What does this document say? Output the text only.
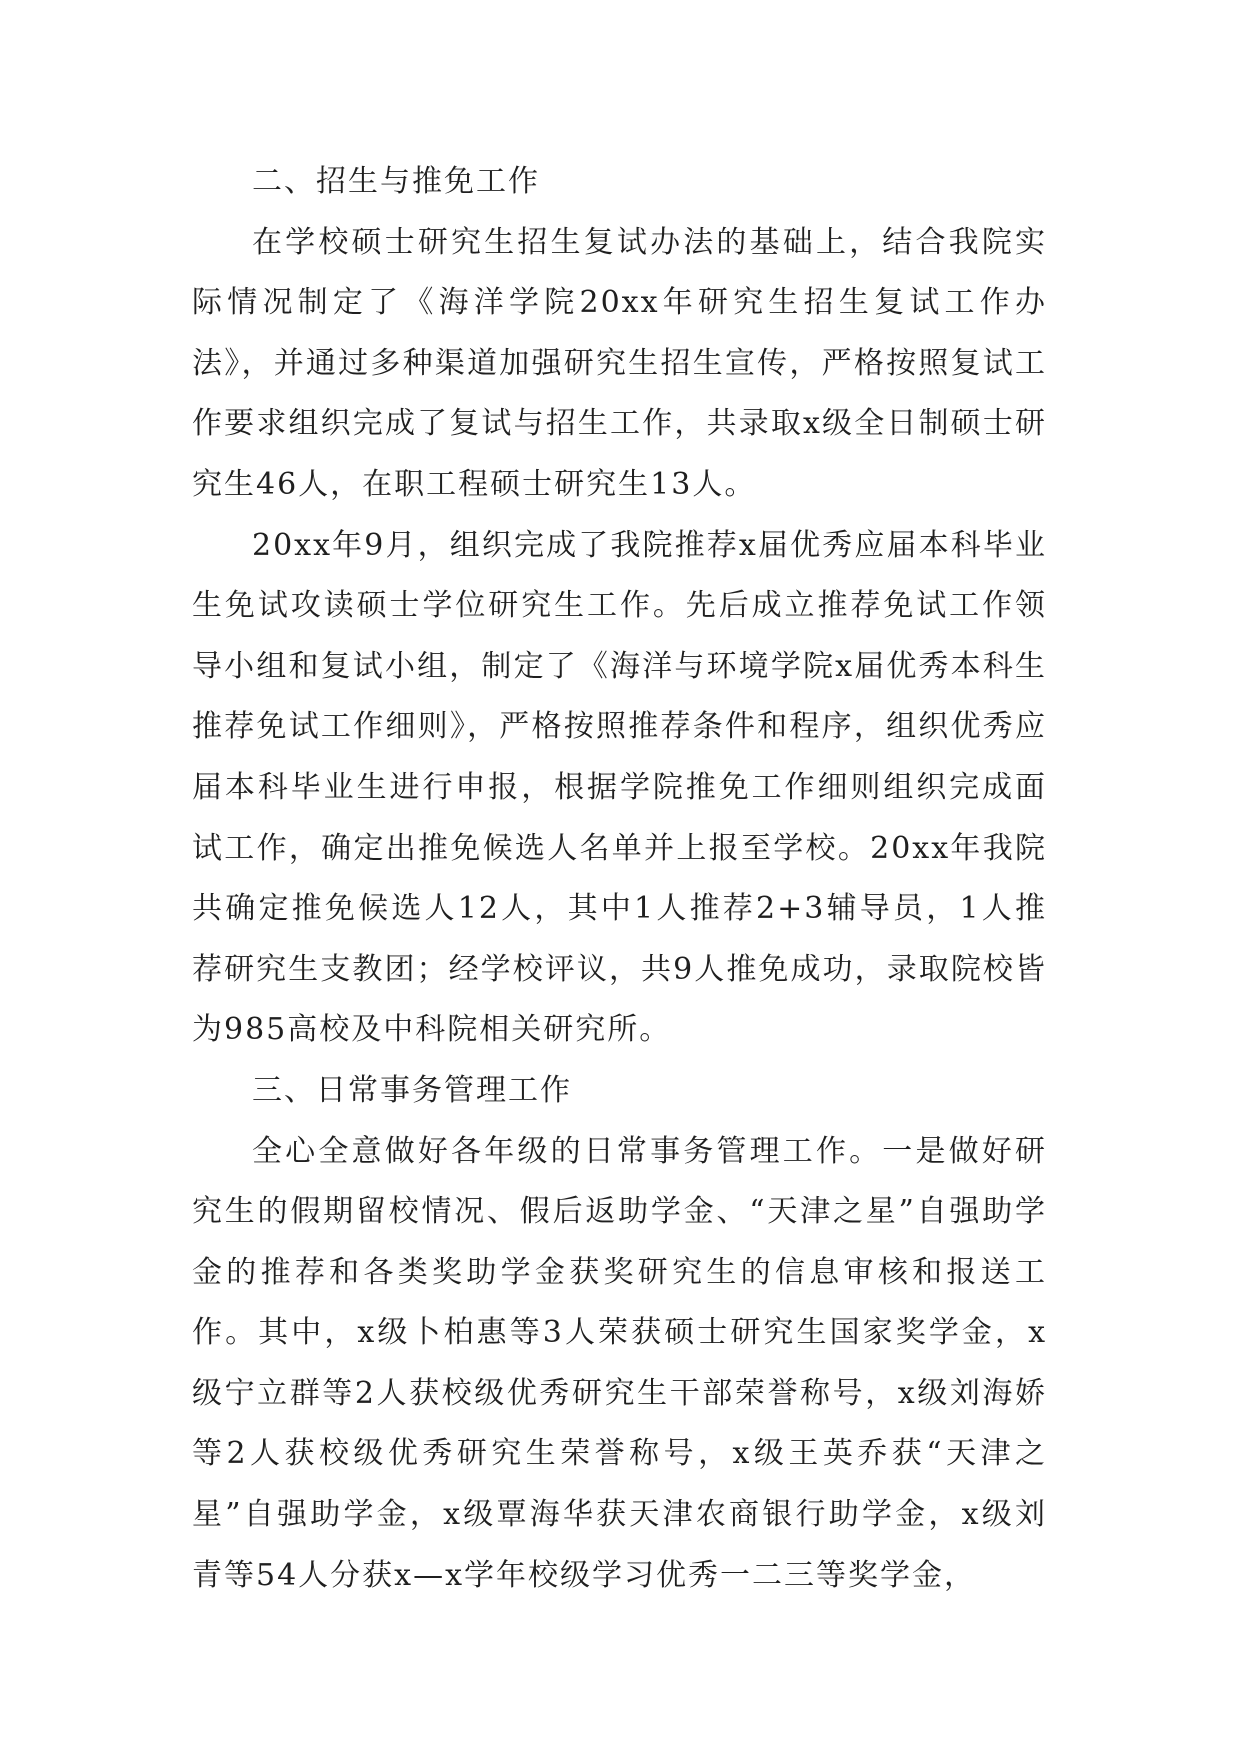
二、招生与推免工作

在学校硕士研究生招生复试办法的基础上，结合我院实际情况制定了《海洋学院20xx年研究生招生复试工作办法》，并通过多种渠道加强研究生招生宣传，严格按照复试工作要求组织完成了复试与招生工作，共录取x级全日制硕士研究生46人，在职工程硕士研究生13人。

20xx年9月，组织完成了我院推荐x届优秀应届本科毕业生免试攻读硕士学位研究生工作。先后成立推荐免试工作领导小组和复试小组，制定了《海洋与环境学院x届优秀本科生推荐免试工作细则》，严格按照推荐条件和程序，组织优秀应届本科毕业生进行申报，根据学院推免工作细则组织完成面试工作，确定出推免候选人名单并上报至学校。20xx年我院共确定推免候选人12人，其中1人推荐2+3辅导员，1人推荐研究生支教团；经学校评议，共9人推免成功，录取院校皆为985高校及中科院相关研究所。

三、日常事务管理工作

全心全意做好各年级的日常事务管理工作。一是做好研究生的假期留校情况、假后返助学金、“天津之星”自强助学金的推荐和各类奖助学金获奖研究生的信息审核和报送工作。其中，x级卜柏惠等3人荣获硕士研究生国家奖学金，x级宁立群等2人获校级优秀研究生干部荣誉称号，x级刘海娇等2人获校级优秀研究生荣誉称号，x级王英乔获“天津之星”自强助学金，x级覃海华获天津农商银行助学金，x级刘青等54人分获x—x学年校级学习优秀一二三等奖学金，
